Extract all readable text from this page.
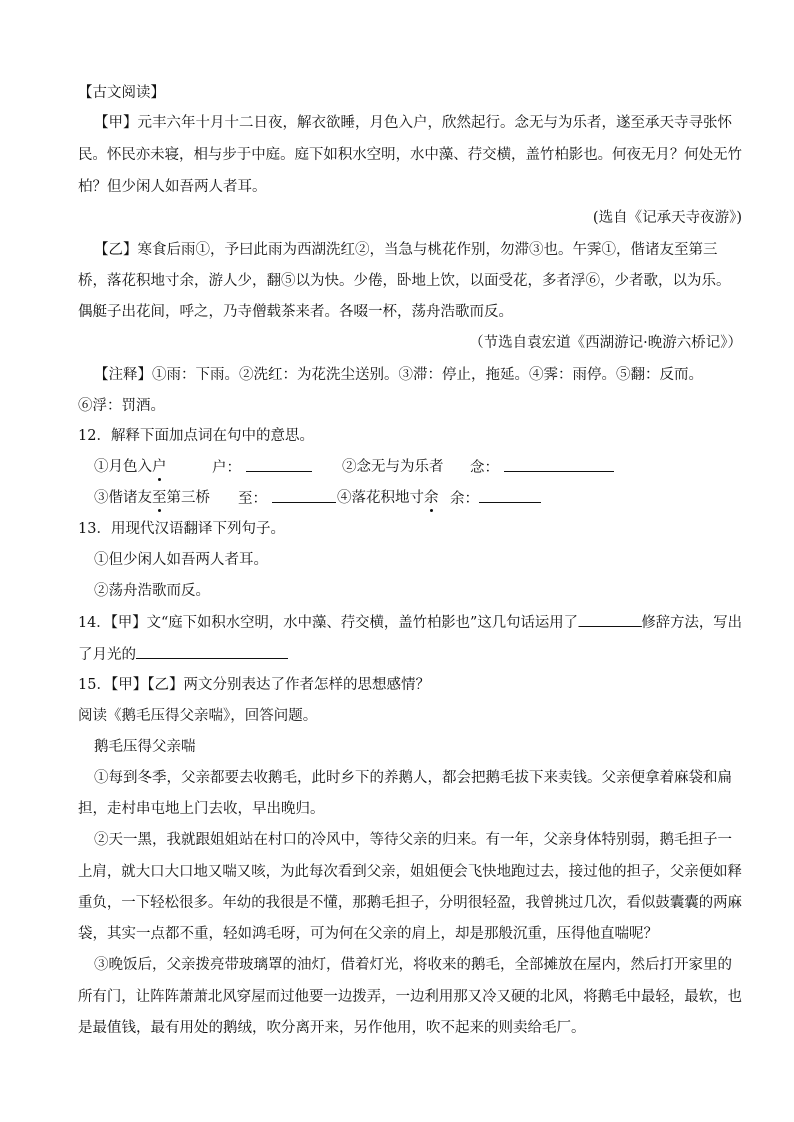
【古文阅读】
【甲】元丰六年十月十二日夜，解衣欲睡，月色入户，欣然起行。念无与为乐者，遂至承天寺寻张怀
民。怀民亦未寝，相与步于中庭。庭下如积水空明，水中藻、荇交横，盖竹柏影也。何夜无月？何处无竹
柏？但少闲人如吾两人者耳。
(选自《记承天寺夜游》)
【乙】寒食后雨①，予曰此雨为西湖洗红②，当急与桃花作别，勿滞③也。午霁①，偕诸友至第三
桥，落花积地寸余，游人少，翻⑤以为快。少倦，卧地上饮，以面受花，多者浮⑥，少者歌，以为乐。
偶艇子出花间，呼之，乃寺僧载茶来者。各啜一杯，荡舟浩歌而反。
（节选自袁宏道《西湖游记·晚游六桥记》）
【注释】①雨：下雨。②洗红：为花洗尘送别。③滞：停止，拖延。④霁：雨停。⑤翻：反而。
⑥浮：罚酒。
12．解释下面加点词在句中的意思。
①月色入户	户：	②念无与为乐者 念：
③偕诸友至第三桥 至：	④落花积地寸余 余：
13．用现代汉语翻译下列句子。
①但少闲人如吾两人者耳。
②荡舟浩歌而反。
14．【甲】文“庭下如积水空明，水中藻、荇交横，盖竹柏影也”这几句话运用了	修辞方法，写出
了月光的
15．【甲】【乙】两文分别表达了作者怎样的思想感情？
阅读《鹅毛压得父亲喘》，回答问题。
鹅毛压得父亲喘
①每到冬季，父亲都要去收鹅毛，此时乡下的养鹅人，都会把鹅毛拔下来卖钱。父亲便拿着麻袋和扁
担，走村串屯地上门去收，早出晚归。
②天一黑，我就跟姐姐站在村口的冷风中，等待父亲的归来。有一年，父亲身体特别弱，鹅毛担子一
上肩，就大口大口地又喘又咳，为此每次看到父亲，姐姐便会飞快地跑过去，接过他的担子，父亲便如释
重负，一下轻松很多。年幼的我很是不懂，那鹅毛担子，分明很轻盈，我曾挑过几次，看似鼓囊囊的两麻
袋，其实一点都不重，轻如鸿毛呀，可为何在父亲的肩上，却是那般沉重，压得他直喘呢？
③晚饭后，父亲拨亮带玻璃罩的油灯，借着灯光，将收来的鹅毛，全部摊放在屋内，然后打开家里的
所有门，让阵阵萧萧北风穿屋而过他要一边拨弄，一边利用那又冷又硬的北风，将鹅毛中最轻，最软，也
是最值钱，最有用处的鹅绒，吹分离开来，另作他用，吹不起来的则卖给毛厂。
